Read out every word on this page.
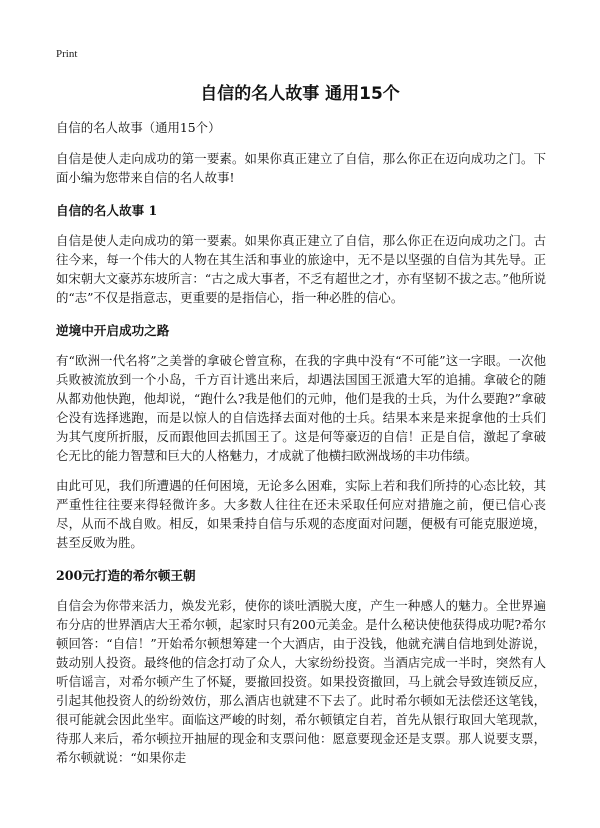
Print
自信的名人故事 通用15个

自信的名人故事（通用15个）

自信是使人走向成功的第一要素。如果你真正建立了自信，那么你正在迈向成功之门。下面小编为您带来自信的名人故事!

自信的名人故事 1

自信是使人走向成功的第一要素。如果你真正建立了自信，那么你正在迈向成功之门。古往今来，每一个伟大的人物在其生活和事业的旅途中，无不是以坚强的自信为其先导。正如宋朝大文豪苏东坡所言：“古之成大事者，不乏有超世之才，亦有坚韧不拔之志。”他所说的“志”不仅是指意志，更重要的是指信心，指一种必胜的信心。

逆境中开启成功之路

有“欧洲一代名将”之美誉的拿破仑曾宣称，在我的字典中没有“不可能”这一字眼。一次他兵败被流放到一个小岛，千方百计逃出来后，却遇法国国王派遣大军的追捕。拿破仑的随从都劝他快跑，他却说，“跑什么?我是他们的元帅，他们是我的士兵，为什么要跑?”拿破仑没有选择逃跑，而是以惊人的自信选择去面对他的士兵。结果本来是来捉拿他的士兵们为其气度所折服，反而跟他回去抓国王了。这是何等豪迈的自信！正是自信，激起了拿破仑无比的能力智慧和巨大的人格魅力，才成就了他横扫欧洲战场的丰功伟绩。

由此可见，我们所遭遇的任何困境，无论多么困难，实际上若和我们所持的心态比较，其严重性往往要来得轻微许多。大多数人往往在还未采取任何应对措施之前，便已信心丧尽，从而不战自败。相反，如果秉持自信与乐观的态度面对问题，便极有可能克服逆境，甚至反败为胜。

200元打造的希尔顿王朝

自信会为你带来活力，焕发光彩，使你的谈吐洒脱大度，产生一种感人的魅力。全世界遍布分店的世界酒店大王希尔顿，起家时只有200元美金。是什么秘诀使他获得成功呢?希尔顿回答：“自信！”开始希尔顿想筹建一个大酒店，由于没钱，他就充满自信地到处游说，鼓动别人投资。最终他的信念打动了众人，大家纷纷投资。当酒店完成一半时，突然有人听信谣言，对希尔顿产生了怀疑，要撤回投资。如果投资撤回，马上就会导致连锁反应，引起其他投资人的纷纷效仿，那么酒店也就建不下去了。此时希尔顿如无法偿还这笔钱，很可能就会因此坐牢。面临这严峻的时刻，希尔顿镇定自若，首先从银行取回大笔现款，待那人来后，希尔顿拉开抽屉的现金和支票问他：愿意要现金还是支票。那人说要支票，希尔顿就说：“如果你走
